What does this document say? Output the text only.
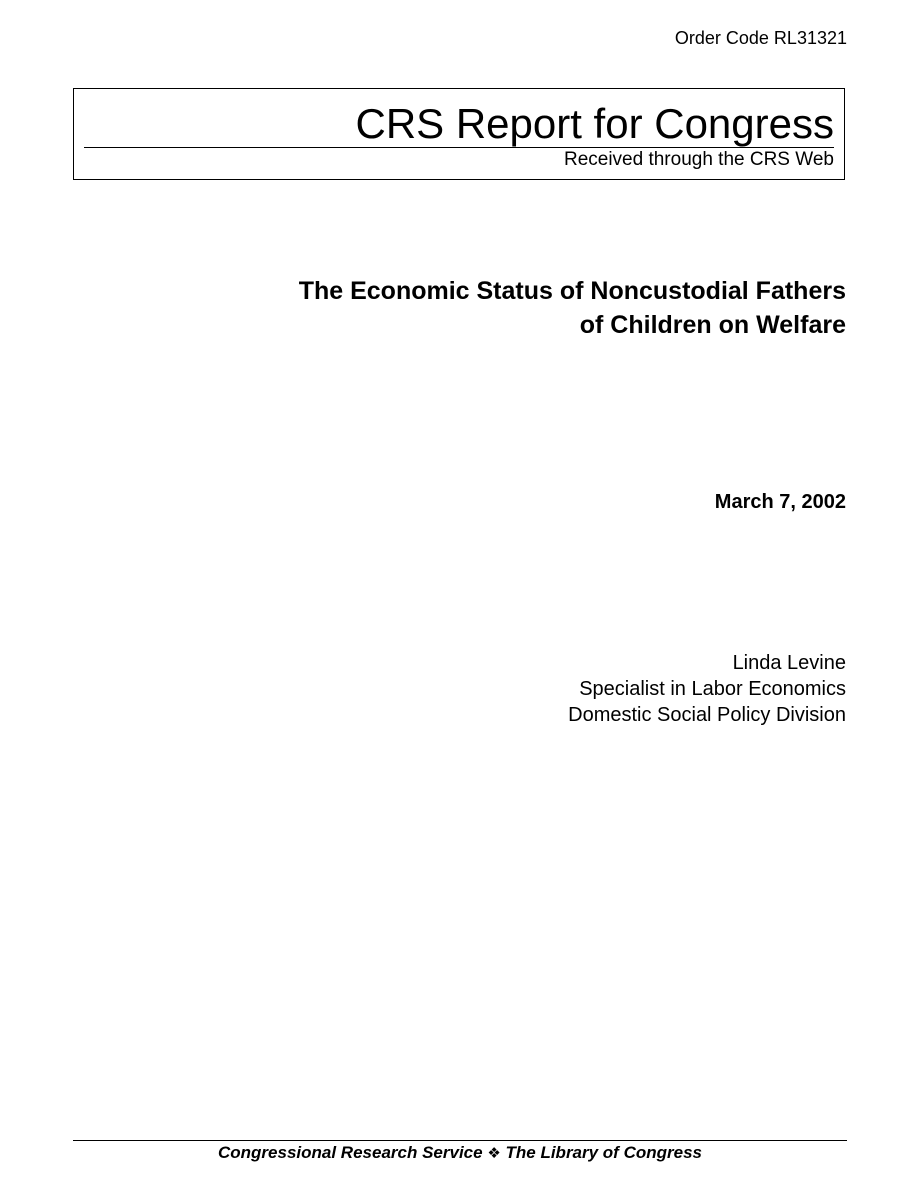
Order Code RL31321
CRS Report for Congress
Received through the CRS Web
The Economic Status of Noncustodial Fathers
of Children on Welfare
March 7, 2002
Linda Levine
Specialist in Labor Economics
Domestic Social Policy Division
Congressional Research Service ❖ The Library of Congress
